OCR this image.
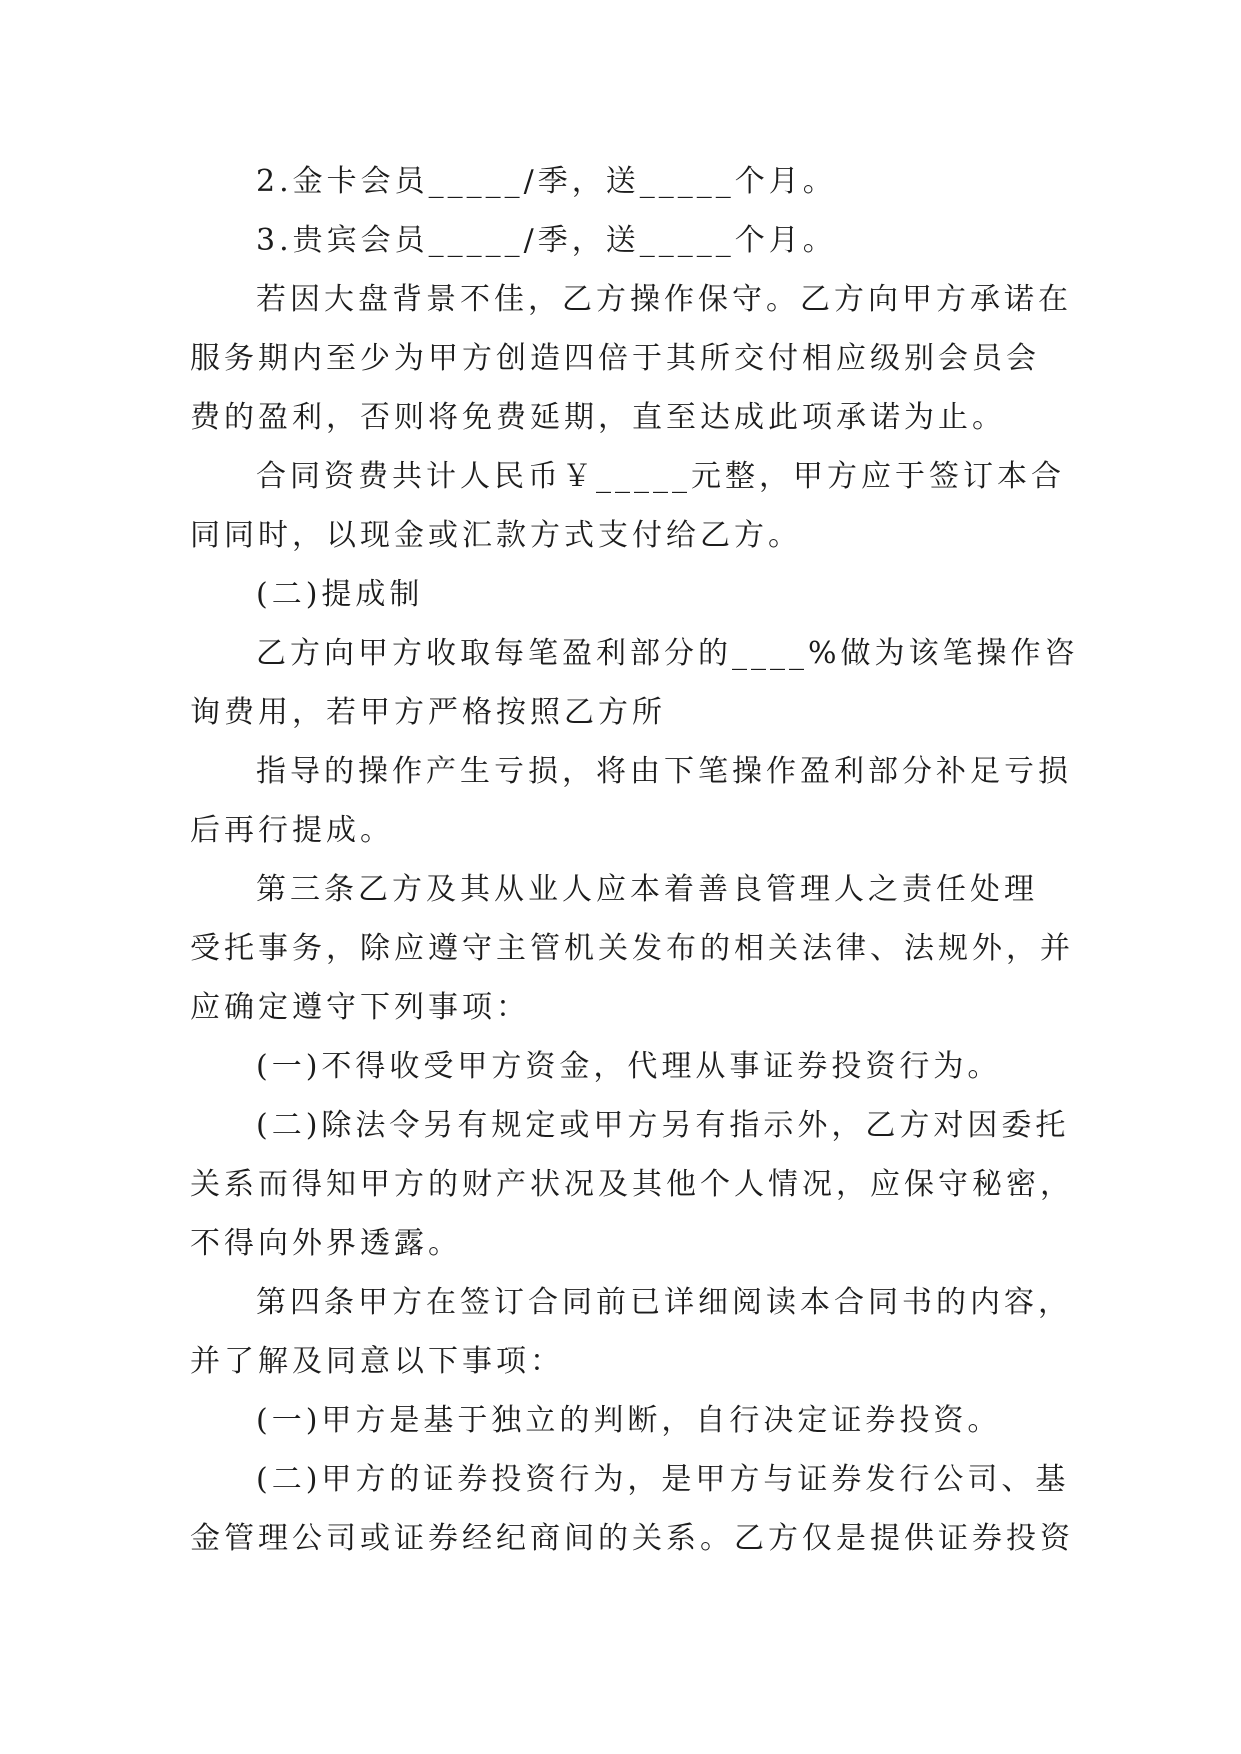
2.金卡会员_____/季，送_____个月。
3.贵宾会员_____/季，送_____个月。
若因大盘背景不佳，乙方操作保守。乙方向甲方承诺在
服务期内至少为甲方创造四倍于其所交付相应级别会员会
费的盈利，否则将免费延期，直至达成此项承诺为止。
合同资费共计人民币￥_____元整，甲方应于签订本合
同同时，以现金或汇款方式支付给乙方。
(二)提成制
乙方向甲方收取每笔盈利部分的____%做为该笔操作咨
询费用，若甲方严格按照乙方所
指导的操作产生亏损，将由下笔操作盈利部分补足亏损
后再行提成。
第三条乙方及其从业人应本着善良管理人之责任处理
受托事务，除应遵守主管机关发布的相关法律、法规外，并
应确定遵守下列事项：
(一)不得收受甲方资金，代理从事证券投资行为。
(二)除法令另有规定或甲方另有指示外，乙方对因委托
关系而得知甲方的财产状况及其他个人情况，应保守秘密，
不得向外界透露。
第四条甲方在签订合同前已详细阅读本合同书的内容，
并了解及同意以下事项：
(一)甲方是基于独立的判断，自行决定证券投资。
(二)甲方的证券投资行为，是甲方与证券发行公司、基
金管理公司或证券经纪商间的关系。乙方仅是提供证券投资
